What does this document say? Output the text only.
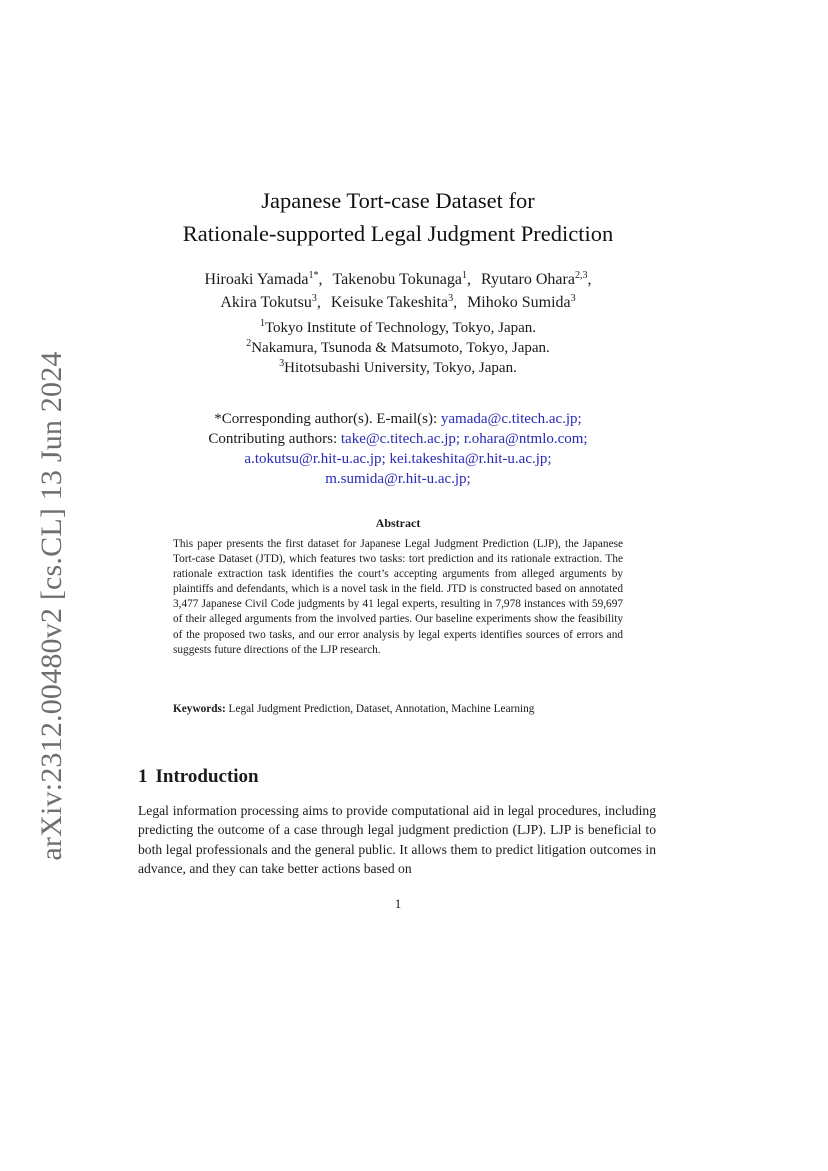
arXiv:2312.00480v2 [cs.CL] 13 Jun 2024
Japanese Tort-case Dataset for
Rationale-supported Legal Judgment Prediction
Hiroaki Yamada$^{1*}$, Takenobu Tokunaga$^1$, Ryutaro Ohara$^{2,3}$,
Akira Tokutsu$^3$, Keisuke Takeshita$^3$, Mihoko Sumida$^3$
$^1$Tokyo Institute of Technology, Tokyo, Japan.
$^2$Nakamura, Tsunoda & Matsumoto, Tokyo, Japan.
$^3$Hitotsubashi University, Tokyo, Japan.
*Corresponding author(s). E-mail(s): yamada@c.titech.ac.jp;
Contributing authors: take@c.titech.ac.jp; r.ohara@ntmlo.com;
a.tokutsu@r.hit-u.ac.jp; kei.takeshita@r.hit-u.ac.jp;
m.sumida@r.hit-u.ac.jp;
Abstract
This paper presents the first dataset for Japanese Legal Judgment Prediction (LJP), the Japanese Tort-case Dataset (JTD), which features two tasks: tort prediction and its rationale extraction. The rationale extraction task identifies the court’s accepting arguments from alleged arguments by plaintiffs and defendants, which is a novel task in the field. JTD is constructed based on annotated 3,477 Japanese Civil Code judgments by 41 legal experts, resulting in 7,978 instances with 59,697 of their alleged arguments from the involved parties. Our baseline experiments show the feasibility of the proposed two tasks, and our error analysis by legal experts identifies sources of errors and suggests future directions of the LJP research.
Keywords: Legal Judgment Prediction, Dataset, Annotation, Machine Learning
1 Introduction
Legal information processing aims to provide computational aid in legal procedures, including predicting the outcome of a case through legal judgment prediction (LJP). LJP is beneficial to both legal professionals and the general public. It allows them to predict litigation outcomes in advance, and they can take better actions based on
1
